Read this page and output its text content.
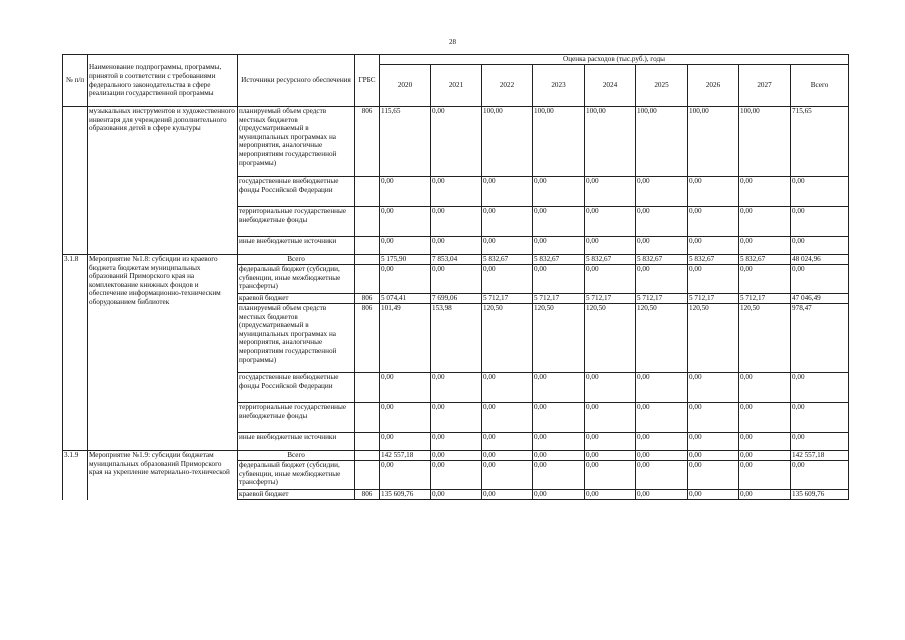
28
№ п/п	Наименование подпрограммы, программы, принятой в соответствии с требованиями федерального законодательства в сфере реализации государственной программы	Источники ресурсного обеспечения	ГРБС	Оценка расходов (тыс.руб.), годы								
				2020	2021	2022	2023	2024	2025	2026	2027	Всего
	музыкальных инструментов и художественного инвентаря для учреждений дополнительного образования детей в сфере культуры	планируемый объем средств местных бюджетов (предусматриваемый в муниципальных программах на мероприятия, аналогичные мероприятиям государственной программы)	806	115,65	0,00	100,00	100,00	100,00	100,00	100,00	100,00	715,65
		государственные внебюджетные фонды Российской Федерации		0,00	0,00	0,00	0,00	0,00	0,00	0,00	0,00	0,00
		территориальные государственные внебюджетные фонды		0,00	0,00	0,00	0,00	0,00	0,00	0,00	0,00	0,00
		иные внебюджетные источники		0,00	0,00	0,00	0,00	0,00	0,00	0,00	0,00	0,00
3.1.8	Мероприятие №1.8: субсидии из краевого бюджета бюджетам муниципальных образований Приморского края на комплектование книжных фондов и обеспечение информационно-техническим оборудованием библиотек	Всего		5 175,90	7 853,04	5 832,67	5 832,67	5 832,67	5 832,67	5 832,67	5 832,67	48 024,96
		федеральный бюджет (субсидии, субвенции, иные межбюджетные трансферты)		0,00	0,00	0,00	0,00	0,00	0,00	0,00	0,00	0,00
		краевой бюджет	806	5 074,41	7 699,06	5 712,17	5 712,17	5 712,17	5 712,17	5 712,17	5 712,17	47 046,49
		планируемый объем средств местных бюджетов (предусматриваемый в муниципальных программах на мероприятия, аналогичные мероприятиям государственной программы)	806	101,49	153,98	120,50	120,50	120,50	120,50	120,50	120,50	978,47
		государственные внебюджетные фонды Российской Федерации		0,00	0,00	0,00	0,00	0,00	0,00	0,00	0,00	0,00
		территориальные государственные внебюджетные фонды		0,00	0,00	0,00	0,00	0,00	0,00	0,00	0,00	0,00
		иные внебюджетные источники		0,00	0,00	0,00	0,00	0,00	0,00	0,00	0,00	0,00
3.1.9	Мероприятие №1.9: субсидии бюджетам муниципальных образований Приморского края на укрепление материально-технической	Всего		142 557,18	0,00	0,00	0,00	0,00	0,00	0,00	0,00	142 557,18
		федеральный бюджет (субсидии, субвенции, иные межбюджетные трансферты)		0,00	0,00	0,00	0,00	0,00	0,00	0,00	0,00	0,00
		краевой бюджет	806	135 609,76	0,00	0,00	0,00	0,00	0,00	0,00	0,00	135 609,76
